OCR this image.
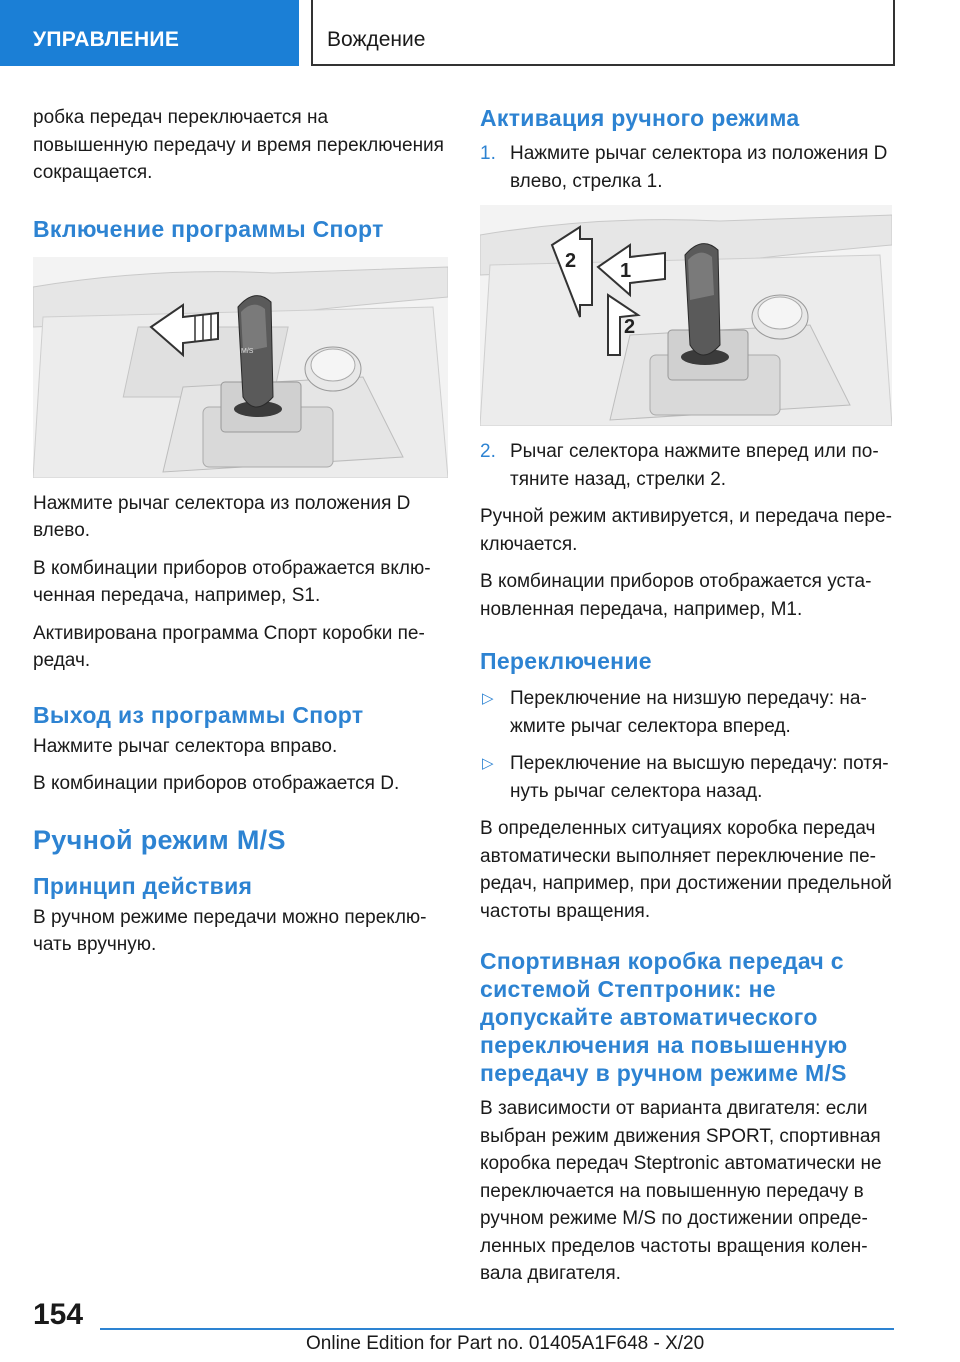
УПРАВЛЕНИЕ	Вождение

робка передач переключается на повышенную передачу и время переключения сокращается.

Включение программы Спорт
M/S

Нажмите рычаг селектора из положения D влево.

В комбинации приборов отображается вклю-ченная передача, например, S1.

Активирована программа Спорт коробки пе-редач.

Выход из программы Спорт

Нажмите рычаг селектора вправо.

В комбинации приборов отображается D.

Ручной режим M/S
Принцип действия

В ручном режиме передачи можно переклю-чать вручную.

Активация ручного режима
1. Нажмите рычаг селектора из положения D влево, стрелка 1.
1
2
2
2. Рычаг селектора нажмите вперед или по-тяните назад, стрелки 2.

Ручной режим активируется, и передача пере-ключается.

В комбинации приборов отображается уста-новленная передача, например, M1.

Переключение
▷ Переключение на низшую передачу: на-жмите рычаг селектора вперед.
▷ Переключение на высшую передачу: потя-нуть рычаг селектора назад.

В определенных ситуациях коробка передач автоматически выполняет переключение пе-редач, например, при достижении предельной частоты вращения.

Спортивная коробка передач с системой Стептроник: не допускайте автоматического переключения на повышенную передачу в ручном режиме M/S

В зависимости от варианта двигателя: если выбран режим движения SPORT, спортивная коробка передач Steptronic автоматически не переключается на повышенную передачу в ручном режиме M/S по достижении опреде-ленных пределов частоты вращения колен-вала двигателя.

154
Online Edition for Part no. 01405A1F648 - X/20
